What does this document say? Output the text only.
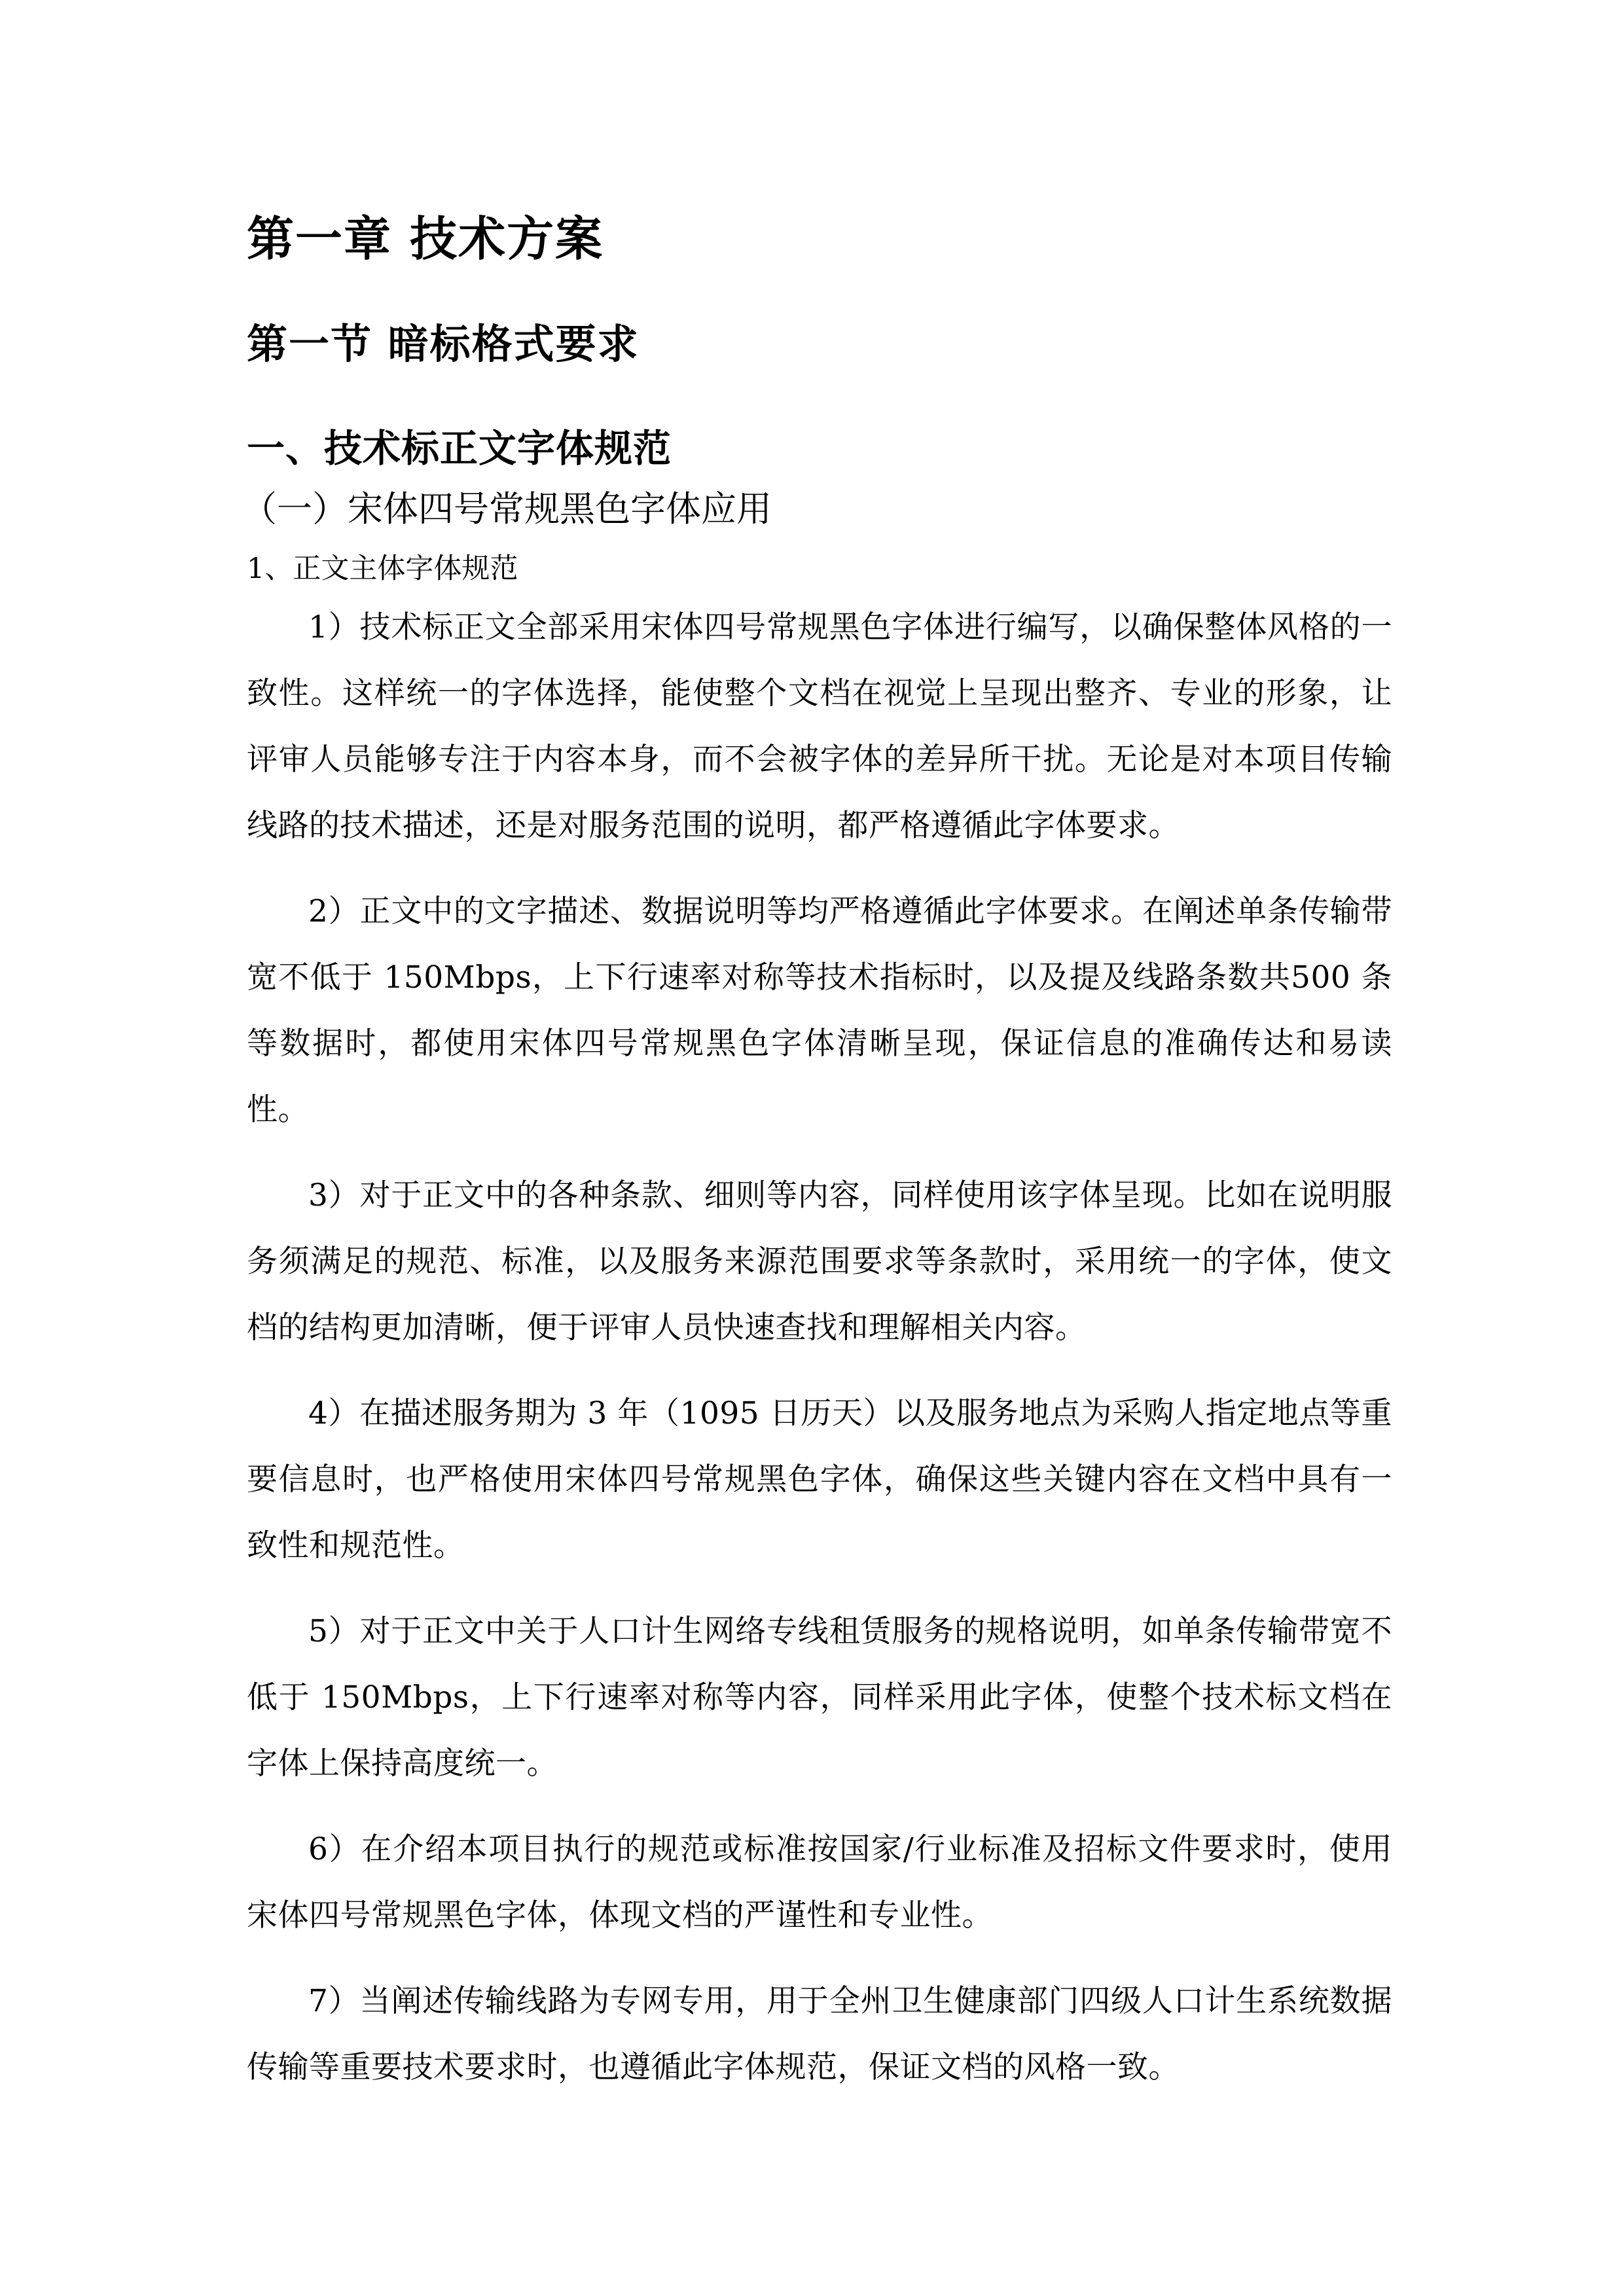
第一章 技术方案
第一节 暗标格式要求
一、技术标正文字体规范
（一）宋体四号常规黑色字体应用
1、正文主体字体规范

1）技术标正文全部采用宋体四号常规黑色字体进行编写，以确保整体风格的一致性。这样统一的字体选择，能使整个文档在视觉上呈现出整齐、专业的形象，让评审人员能够专注于内容本身，而不会被字体的差异所干扰。无论是对本项目传输线路的技术描述，还是对服务范围的说明，都严格遵循此字体要求。

2）正文中的文字描述、数据说明等均严格遵循此字体要求。在阐述单条传输带宽不低于 150Mbps，上下行速率对称等技术指标时，以及提及线路条数共500 条等数据时，都使用宋体四号常规黑色字体清晰呈现，保证信息的准确传达和易读性。

3）对于正文中的各种条款、细则等内容，同样使用该字体呈现。比如在说明服务须满足的规范、标准，以及服务来源范围要求等条款时，采用统一的字体，使文档的结构更加清晰，便于评审人员快速查找和理解相关内容。

4）在描述服务期为 3 年（1095 日历天）以及服务地点为采购人指定地点等重要信息时，也严格使用宋体四号常规黑色字体，确保这些关键内容在文档中具有一致性和规范性。

5）对于正文中关于人口计生网络专线租赁服务的规格说明，如单条传输带宽不低于 150Mbps，上下行速率对称等内容，同样采用此字体，使整个技术标文档在字体上保持高度统一。

6）在介绍本项目执行的规范或标准按国家/行业标准及招标文件要求时，使用宋体四号常规黑色字体，体现文档的严谨性和专业性。

7）当阐述传输线路为专网专用，用于全州卫生健康部门四级人口计生系统数据传输等重要技术要求时，也遵循此字体规范，保证文档的风格一致。
